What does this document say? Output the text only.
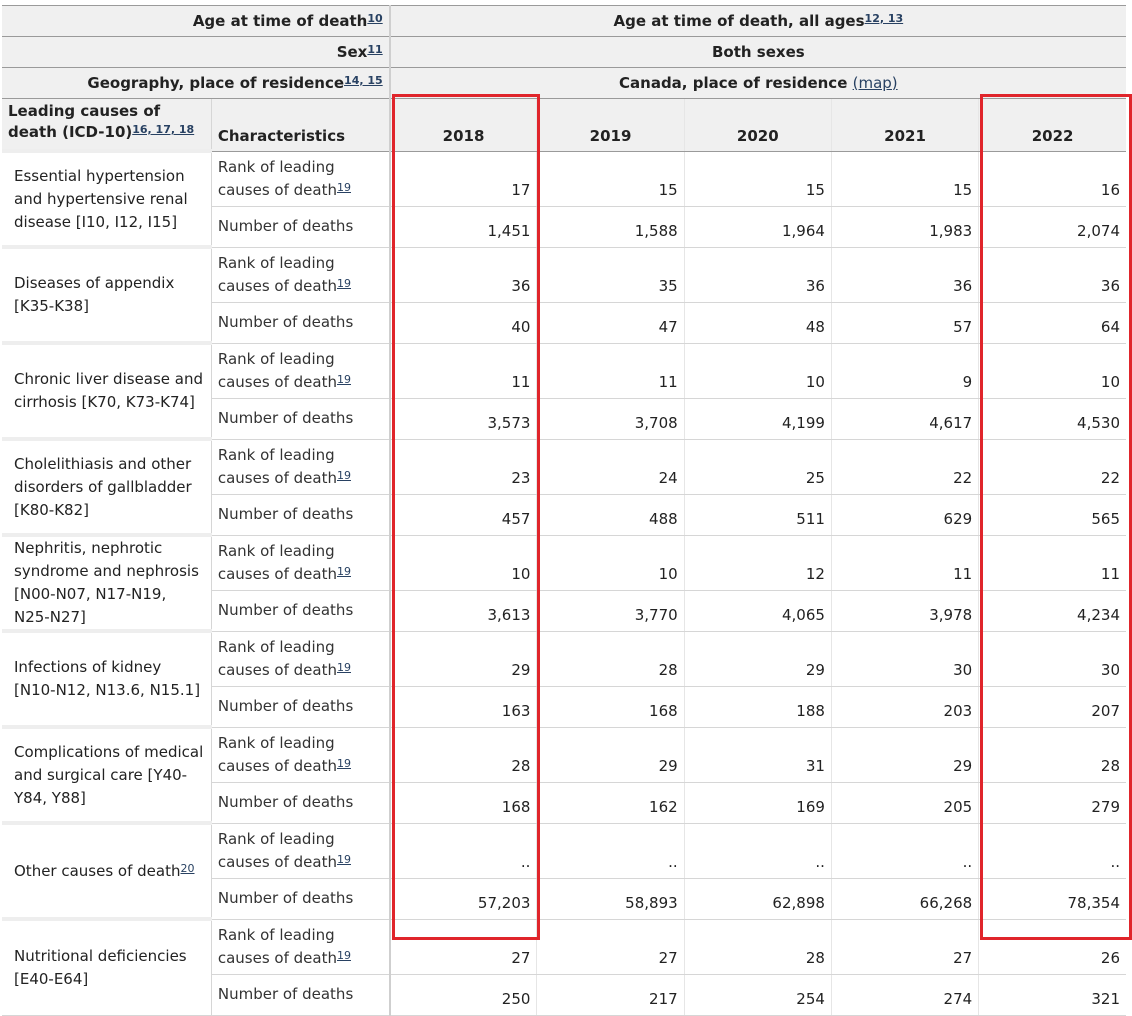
Age at time of death$^{10}$		Age at time of death, all ages$^{12, 13}$
Sex$^{11}$		Both sexes				
Geography, place of residence$^{14, 15}$		Canada, place of residence (map)				
Leading causes of death $(ICD-10)^{16, 17, 18}$	Characteristics	2018	2019	2020	2021	2022
Essential hypertension and hypertensive renal disease [I10, I12, I15]	Rank of leading causes of death$^{19}$	17	15	15	15	16
	Number of deaths	1,451	1,588	1,964	1,983	2,074
Diseases of appendix [K35-K38]	Rank of leading causes of death$^{19}$	36	35	36	36	36
	Number of deaths	40	47	48	57	64
Chronic liver disease and cirrhosis [K70, K73-K74]	Rank of leading causes of death$^{19}$	11	11	10	9	10
	Number of deaths	3,573	3,708	4,199	4,617	4,530
Cholelithiasis and other disorders of gallbladder [K80-K82]	Rank of leading causes of death$^{19}$	23	24	25	22	22
	Number of deaths	457	488	511	629	565
Nephritis, nephrotic syndrome and nephrosis [N00-N07, N17-N19, N25-N27]	Rank of leading causes of death$^{19}$	10	10	12	11	11
	Number of deaths	3,613	3,770	4,065	3,978	4,234
Infections of kidney [N10-N12, N13.6, N15.1]	Rank of leading causes of death$^{19}$	29	28	29	30	30
	Number of deaths	163	168	188	203	207
Complications of medical and surgical care [Y40-Y84, Y88]	Rank of leading causes of death$^{19}$	28	29	31	29	28
	Number of deaths	168	162	169	205	279
Other causes of death$^{20}$	Rank of leading causes of death$^{19}$	..	..	..	..	..
	Number of deaths	57,203	58,893	62,898	66,268	78,354
Nutritional deficiencies [E40-E64]	Rank of leading causes of death$^{19}$	27	27	28	27	26
	Number of deaths	250	217	254	274	321
